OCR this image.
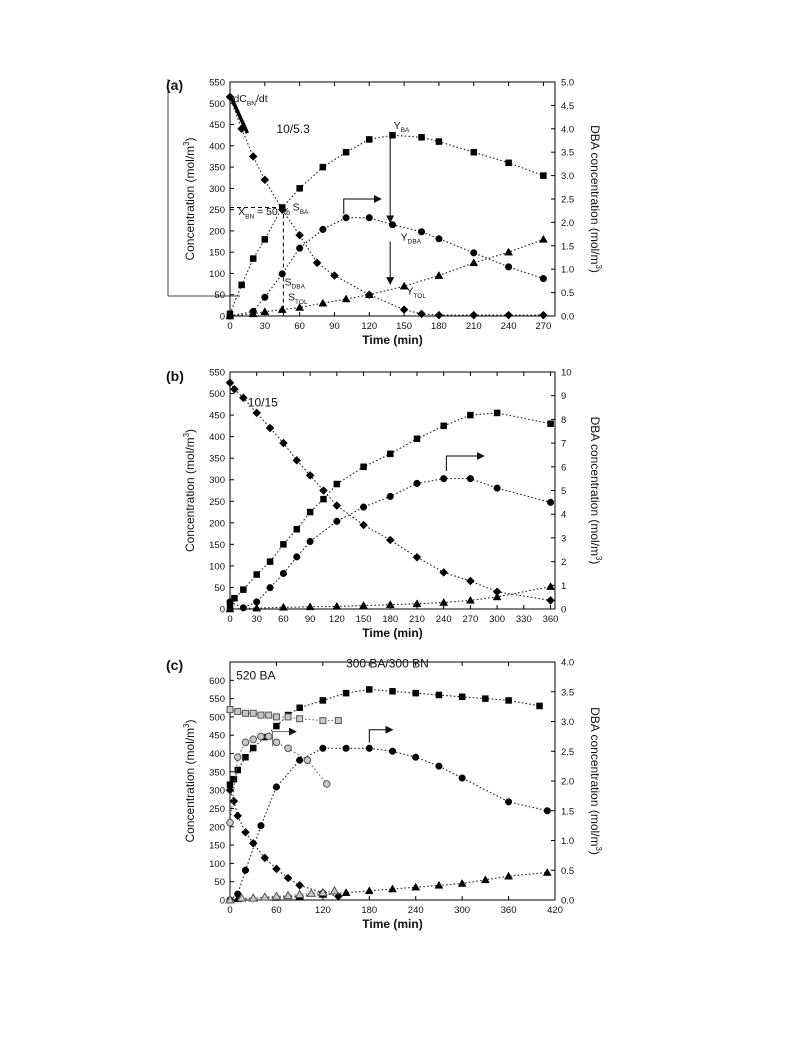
(a)
0	30	60	90 120 150 180 210 240 270
0
50
100
150
200
250
300
350
400
450
500
550
0.0
0.5
1.0
1.5
2.0
2.5
3.0
3.5
4.0
4.5
5.0
Time (min)
Concentration $(mol/m^3)$	DBA concentration $(mol/m^3)$
10/5.3
$dC_{BN}/dt$
$Y_{BA}$
$Y_{DBA}$
$Y_{TOL}$
$S_{BA}$
$S_{DBA}$
$S_{TOL}$
$X_{BN} = 50$ %
(b)
0 30 60 90 120 150 180 210 240 270 300 330 360
0
50
100
150
200
250
300
350
400
450
500
550
0
1
2
3
4
5
6
7
8
9
10
Time (min)
Concentration $(mol/m^3)$	DBA concentration $(mol/m^3)$
10/15
(c)
0	60	120	180	240	300	360	420
0
50
100
150
200
250
300
350
400
450
500
550
600
0.0
0.5
1.0
1.5
2.0
2.5
3.0
3.5
4.0
Time (min)
Concentration $(mol/m^3)$	DBA concentration $(mol/m^3)$
520 BA
300 BA/300 BN
